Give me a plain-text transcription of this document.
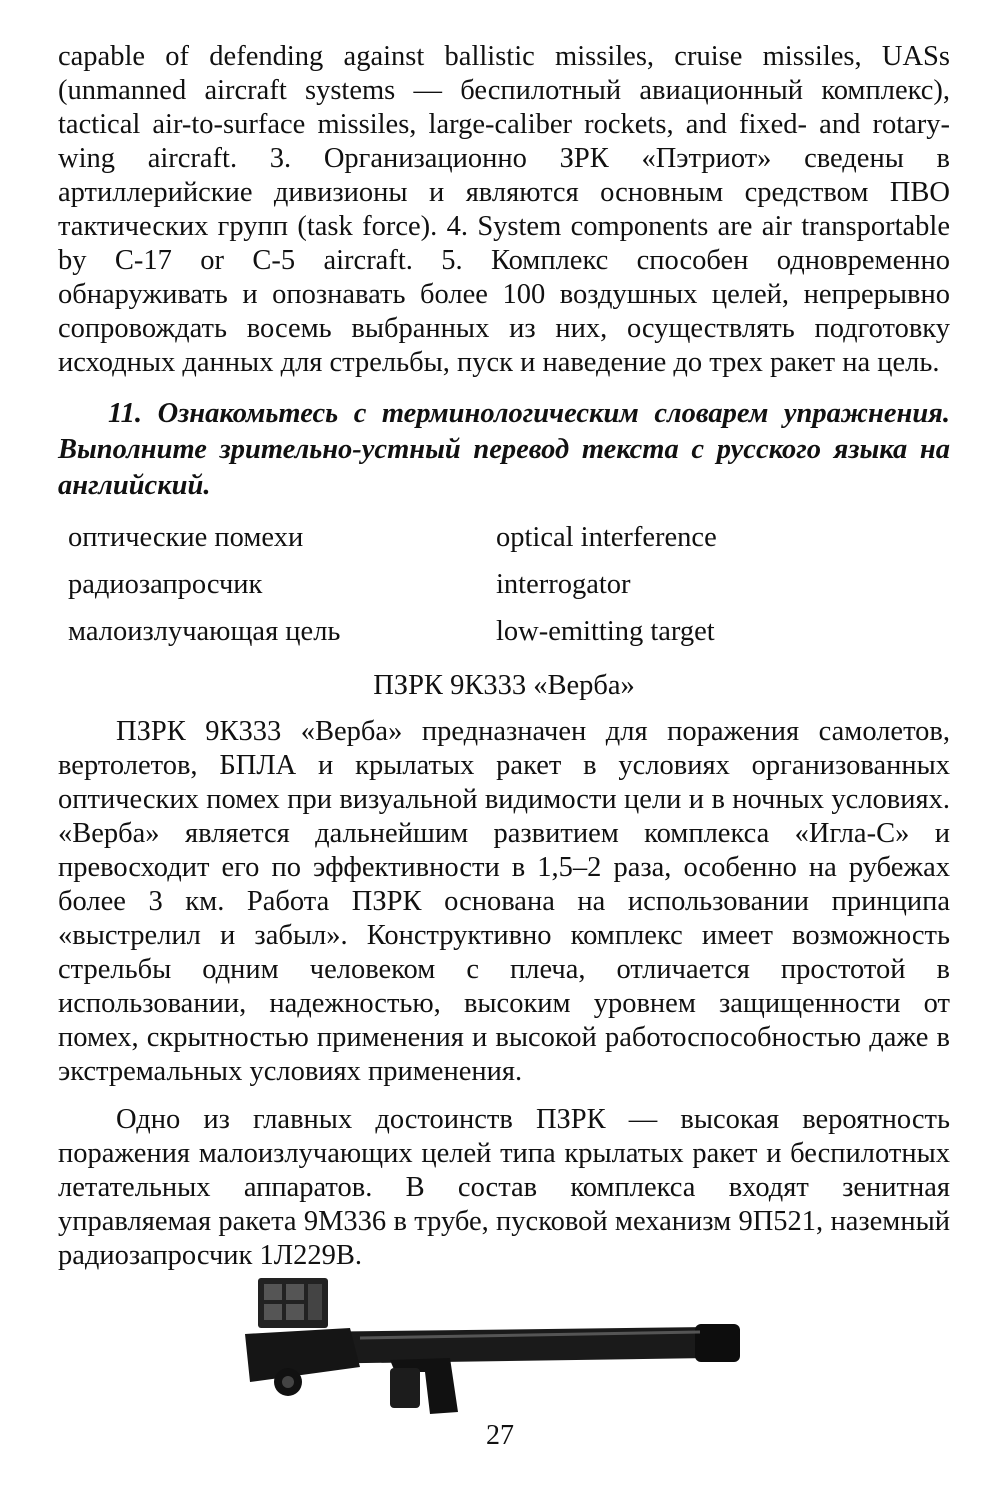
capable of defending against ballistic missiles, cruise missiles, UASs (unmanned aircraft systems — беспилотный авиационный комплекс), tactical air-to-surface missiles, large-caliber rockets, and fixed- and rotary-wing aircraft. 3. Организационно ЗРК «Пэтриот» сведены в артиллерийские дивизионы и являются основным средством ПВО тактических групп (task force). 4. System components are air transportable by C-17 or C-5 aircraft. 5. Комплекс способен одновременно обнаруживать и опознавать более 100 воздушных целей, непрерывно сопровождать восемь выбранных из них, осуществлять подготовку исходных данных для стрельбы, пуск и наведение до трех ракет на цель.

11. Ознакомьтесь с терминологическим словарем упражнения. Выполните зрительно-устный перевод текста с русского языка на английский.
оптические помехи	optical interference
радиозапросчик	interrogator
малоизлучающая цель	low-emitting target
ПЗРК 9К333 «Верба»

ПЗРК 9К333 «Верба» предназначен для поражения самолетов, вертолетов, БПЛА и крылатых ракет в условиях организованных оптических помех при визуальной видимости цели и в ночных условиях. «Верба» является дальнейшим развитием комплекса «Игла-С» и превосходит его по эффективности в 1,5–2 раза, особенно на рубежах более 3 км. Работа ПЗРК основана на использовании принципа «выстрелил и забыл». Конструктивно комплекс имеет возможность стрельбы одним человеком с плеча, отличается простотой в использовании, надежностью, высоким уровнем защищенности от помех, скрытностью применения и высокой работоспособностью даже в экстремальных условиях применения.

Одно из главных достоинств ПЗРК — высокая вероятность поражения малоизлучающих целей типа крылатых ракет и беспилотных летательных аппаратов. В состав комплекса входят зенитная управляемая ракета 9М336 в трубе, пусковой механизм 9П521, наземный радиозапросчик 1Л229В.

27
